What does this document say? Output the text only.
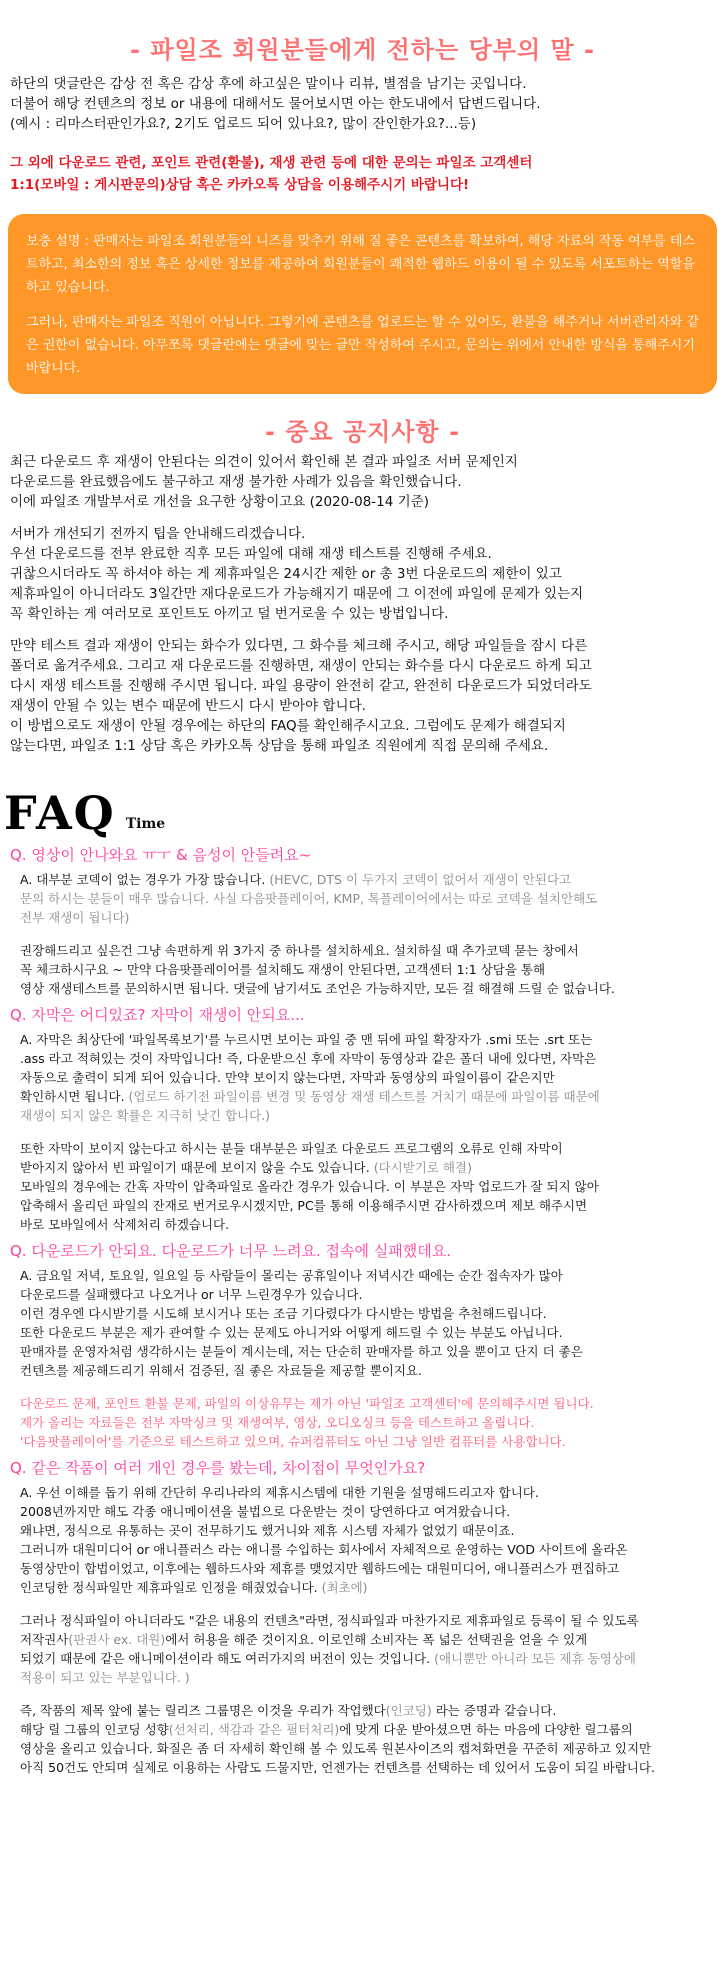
- 파일조 회원분들에게 전하는 당부의 말 -
하단의 댓글란은 감상 전 혹은 감상 후에 하고싶은 말이나 리뷰, 별점을 남기는 곳입니다.
더불어 해당 컨텐츠의 정보 or 내용에 대해서도 물어보시면 아는 한도내에서 답변드립니다.
(예시 : 리마스터판인가요?, 2기도 업로드 되어 있나요?, 많이 잔인한가요?...등)
그 외에 다운로드 관련, 포인트 관련(환불), 재생 관련 등에 대한 문의는 파일조 고객센터
1:1(모바일 : 게시판문의)상담 혹은 카카오톡 상담을 이용해주시기 바랍니다!

보충 설명 : 판매자는 파일조 회원분들의 니즈를 맞추기 위해 질 좋은 콘텐츠를 확보하여, 해당 자료의 작동 여부를 테스트하고, 최소한의 정보 혹은 상세한 정보를 제공하여 회원분들이 쾌적한 웹하드 이용이 될 수 있도록 서포트하는 역할을 하고 있습니다.

그러나, 판매자는 파일조 직원이 아닙니다. 그렇기에 콘텐츠를 업로드는 할 수 있어도, 환불을 해주거나 서버관리자와 같은 권한이 없습니다. 아무쪼록 댓글란에는 댓글에 맞는 글만 작성하여 주시고, 문의는 위에서 안내한 방식을 통해주시기 바랍니다.

- 중요 공지사항 -

최근 다운로드 후 재생이 안된다는 의견이 있어서 확인해 본 결과 파일조 서버 문제인지
다운로드를 완료했음에도 불구하고 재생 불가한 사례가 있음을 확인했습니다.
이에 파일조 개발부서로 개선을 요구한 상황이고요 (2020-08-14 기준)

서버가 개선되기 전까지 팁을 안내해드리겠습니다.
우선 다운로드를 전부 완료한 직후 모든 파일에 대해 재생 테스트를 진행해 주세요.
귀찮으시더라도 꼭 하셔야 하는 게 제휴파일은 24시간 제한 or 총 3번 다운로드의 제한이 있고
제휴파일이 아니더라도 3일간만 재다운로드가 가능해지기 때문에 그 이전에 파일에 문제가 있는지
꼭 확인하는 게 여러모로 포인트도 아끼고 덜 번거로울 수 있는 방법입니다.

만약 테스트 결과 재생이 안되는 화수가 있다면, 그 화수를 체크해 주시고, 해당 파일들을 잠시 다른
폴더로 옮겨주세요. 그리고 재 다운로드를 진행하면, 재생이 안되는 화수를 다시 다운로드 하게 되고
다시 재생 테스트를 진행해 주시면 됩니다. 파일 용량이 완전히 같고, 완전히 다운로드가 되었더라도
재생이 안될 수 있는 변수 때문에 반드시 다시 받아야 합니다.
이 방법으로도 재생이 안될 경우에는 하단의 FAQ를 확인해주시고요. 그럼에도 문제가 해결되지
않는다면, 파일조 1:1 상담 혹은 카카오톡 상담을 통해 파일조 직원에게 직접 문의해 주세요.

FAQ Time

Q. 영상이 안나와요 ㅠㅜ & 음성이 안들려요~

A. 대부분 코덱이 없는 경우가 가장 많습니다. (HEVC, DTS 이 두가지 코덱이 없어서 재생이 안된다고
문의 하시는 분들이 매우 많습니다. 사실 다음팟플레이어, KMP, 톡플레이어에서는 따로 코덱을 설치안해도
전부 재생이 됩니다)

권장해드리고 싶은건 그냥 속편하게 위 3가지 중 하나를 설치하세요. 설치하실 때 추가코덱 묻는 창에서
꼭 체크하시구요 ~ 만약 다음팟플레이어를 설치해도 재생이 안된다면, 고객센터 1:1 상담을 통해
영상 재생테스트를 문의하시면 됩니다. 댓글에 남기셔도 조언은 가능하지만, 모든 걸 해결해 드릴 순 없습니다.

Q. 자막은 어디있죠? 자막이 재생이 안되요...

A. 자막은 최상단에 '파일목록보기'를 누르시면 보이는 파일 중 맨 뒤에 파일 확장자가 .smi 또는 .srt 또는
.ass 라고 적혀있는 것이 자막입니다! 즉, 다운받으신 후에 자막이 동영상과 같은 폴더 내에 있다면, 자막은
자동으로 출력이 되게 되어 있습니다. 만약 보이지 않는다면, 자막과 동영상의 파일이름이 같은지만
확인하시면 됩니다. (업로드 하기전 파일이름 변경 및 동영상 재생 테스트를 거치기 때문에 파일이름 때문에
재생이 되지 않은 확률은 지극히 낮긴 합니다.)

또한 자막이 보이지 않는다고 하시는 분들 대부분은 파일조 다운로드 프로그램의 오류로 인해 자막이
받아지지 않아서 빈 파일이기 때문에 보이지 않을 수도 있습니다. (다시받기로 해결)

모바일의 경우에는 간혹 자막이 압축파일로 올라간 경우가 있습니다. 이 부분은 자막 업로드가 잘 되지 않아
압축해서 올리던 파일의 잔재로 번거로우시겠지만, PC를 통해 이용해주시면 감사하겠으며 제보 해주시면
바로 모바일에서 삭제처리 하겠습니다.

Q. 다운로드가 안되요. 다운로드가 너무 느려요. 접속에 실패했데요.

A. 금요일 저녁, 토요일, 일요일 등 사람들이 몰리는 공휴일이나 저녁시간 때에는 순간 접속자가 많아
다운로드를 실패했다고 나오거나 or 너무 느린경우가 있습니다.
이런 경우엔 다시받기를 시도해 보시거나 또는 조금 기다렸다가 다시받는 방법을 추천해드립니다.
또한 다운로드 부분은 제가 관여할 수 있는 문제도 아니거와 어떻게 해드릴 수 있는 부분도 아닙니다.
판매자를 운영자처럼 생각하시는 분들이 계시는데, 저는 단순히 판매자를 하고 있을 뿐이고 단지 더 좋은
컨텐츠를 제공해드리기 위해서 검증된, 질 좋은 자료들을 제공할 뿐이지요.

다운로드 문제, 포인트 환불 문제, 파일의 이상유무는 제가 아닌 '파일조 고객센터'에 문의해주시면 됩니다.
제가 올리는 자료들은 전부 자막싱크 및 재생여부, 영상, 오디오싱크 등을 테스트하고 올립니다.
'다음팟플레이어'를 기준으로 테스트하고 있으며, 슈퍼컴퓨터도 아닌 그냥 일반 컴퓨터를 사용합니다.

Q. 같은 작품이 여러 개인 경우를 봤는데, 차이점이 무엇인가요?

A. 우선 이해를 돕기 위해 간단히 우리나라의 제휴시스템에 대한 기원을 설명해드리고자 합니다.
2008년까지만 해도 각종 애니메이션을 불법으로 다운받는 것이 당연하다고 여겨왔습니다.
왜냐면, 정식으로 유통하는 곳이 전무하기도 했거니와 제휴 시스템 자체가 없었기 때문이죠.
그러니까 대원미디어 or 애니플러스 라는 애니를 수입하는 회사에서 자체적으로 운영하는 VOD 사이트에 올라온
동영상만이 합법이었고, 이후에는 웹하드사와 제휴를 맺었지만 웹하드에는 대원미디어, 애니플러스가 편집하고
인코딩한 정식파일만 제휴파일로 인정을 해줬었습니다. (최초에)

그러나 정식파일이 아니더라도 "같은 내용의 컨텐츠"라면, 정식파일과 마찬가지로 제휴파일로 등록이 될 수 있도록
저작권사(판권사 ex. 대원)에서 허용을 해준 것이지요. 이로인해 소비자는 폭 넓은 선택권을 얻을 수 있게
되었기 때문에 같은 애니메이션이라 해도 여러가지의 버전이 있는 것입니다. (애니뿐만 아니라 모든 제휴 동영상에
적용이 되고 있는 부분입니다. )

즉, 작품의 제목 앞에 붙는 릴리즈 그룹명은 이것을 우리가 작업했다(인코딩) 라는 증명과 같습니다.
해당 릴 그룹의 인코딩 성향(선처리, 색감과 같은 필터처리)에 맞게 다운 받아셨으면 하는 마음에 다양한 릴그룹의
영상을 올리고 있습니다. 화질은 좀 더 자세히 확인해 볼 수 있도록 원본사이즈의 캡쳐화면을 꾸준히 제공하고 있지만
아직 50건도 안되며 실제로 이용하는 사람도 드물지만, 언젠가는 컨텐츠를 선택하는 데 있어서 도움이 되길 바랍니다.
